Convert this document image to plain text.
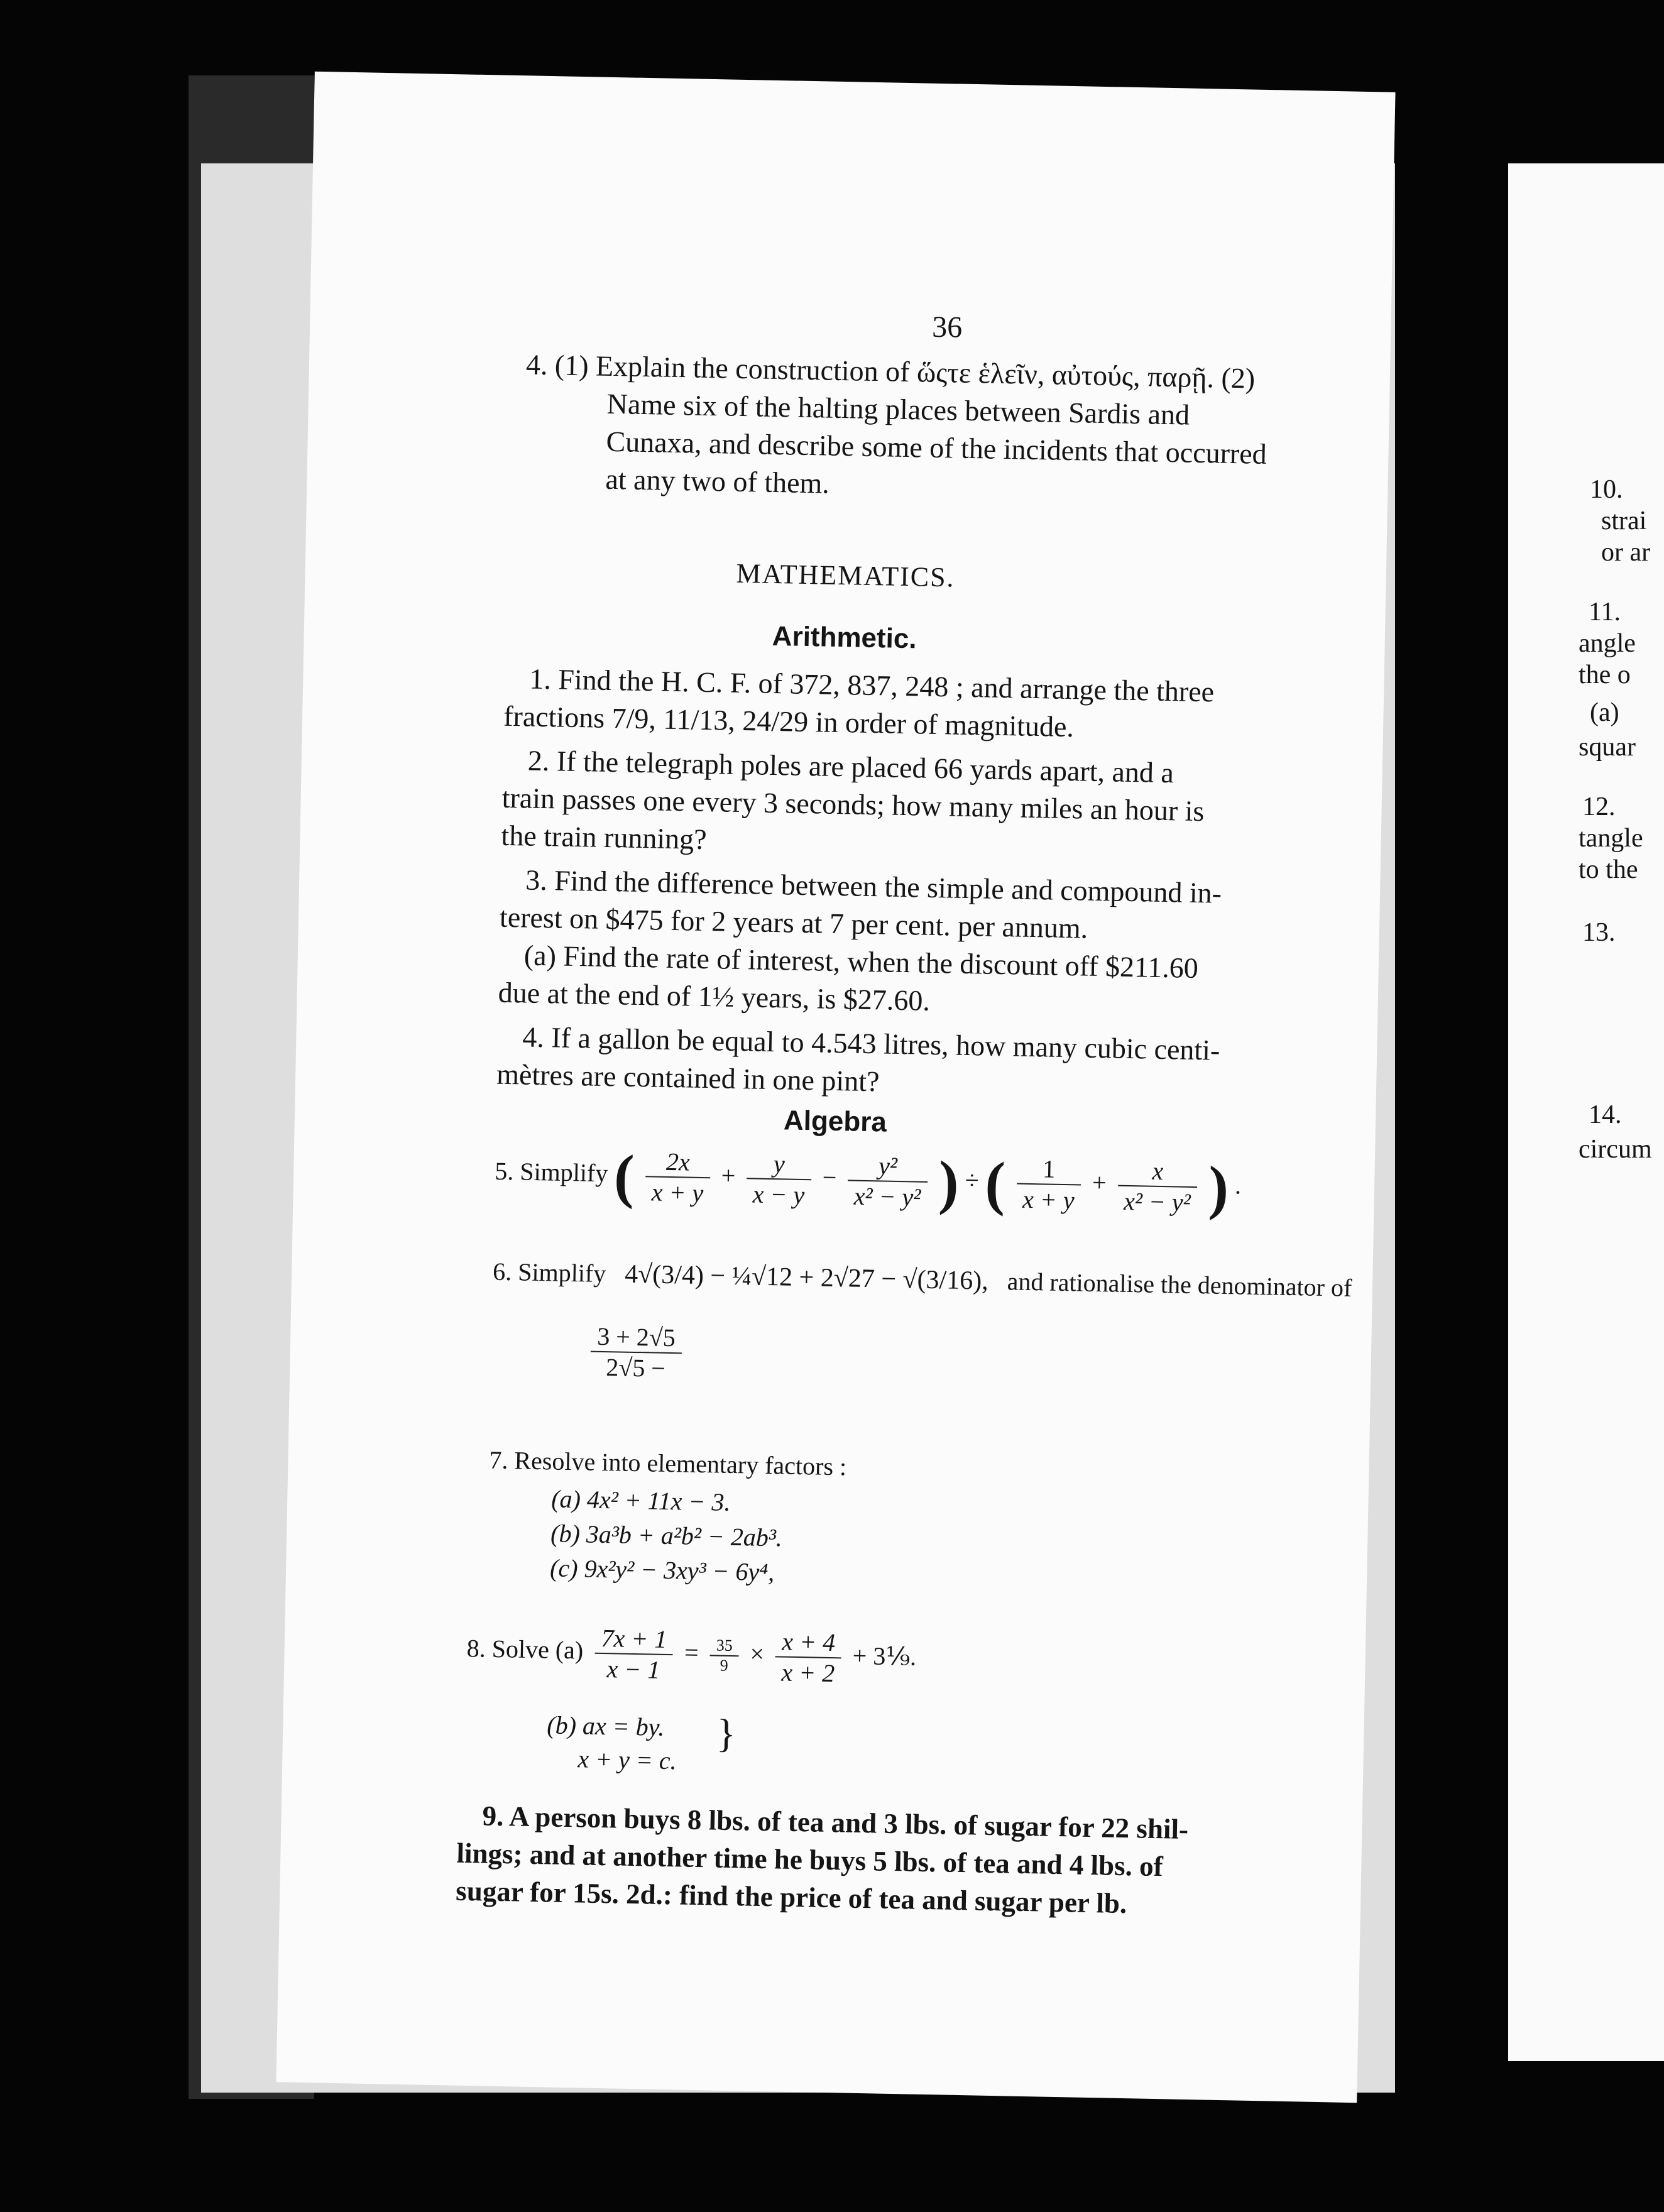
10.
strai
or ar
11.
angle
the o
(a)
squar
12.
tangle
to the
13.
14.
circum
36
4. (1) Explain the construction of ὥςτε ἑλεῖν, αὐτούς, παρῇ. (2)
Name six of the halting places between Sardis and
Cunaxa, and describe some of the incidents that occurred
at any two of them.
MATHEMATICS.
Arithmetic.
1. Find the H. C. F. of 372, 837, 248 ; and arrange the three
fractions 7/9, 11/13, 24/29 in order of magnitude.
2. If the telegraph poles are placed 66 yards apart, and a
train passes one every 3 seconds; how many miles an hour is
the train running?
3. Find the difference between the simple and compound in-
terest on $475 for 2 years at 7 per cent. per annum.
(a) Find the rate of interest, when the discount off $211.60
due at the end of 1½ years, is $27.60.
4. If a gallon be equal to 4.543 litres, how many cubic centi-
mètres are contained in one pint?
Algebra
5. Simplify ( $\frac{2x}{x + y} + \frac{y}{x - y} - \frac{\text{y²}}{\text{x² − y²}}$ ) ÷ ( $\frac{1}{x + y} + \frac{x}{\text{x² − y²}}$ ) .
6. Simplify 4√(3/4) − ¼√12 + 2√27 − √(3/16), and rationalise the denominator of
$\frac{3 + 2√5}{2√5 -}$
7. Resolve into elementary factors :
(a) 4x² + 11x − 3.
(b) 3a³b + a²b² − 2ab³.
(c) 9x²y² − 3xy³ − 6y⁴,
8. Solve $(a) \frac{7x + 1}{x - 1} = \frac{35}{9} \times \frac{x + 4}{x + 2}$ + 3⅑.
(b) ax = by.
x + y = c.
}
9. A person buys 8 lbs. of tea and 3 lbs. of sugar for 22 shil-
lings; and at another time he buys 5 lbs. of tea and 4 lbs. of
sugar for 15s. 2d.: find the price of tea and sugar per lb.
